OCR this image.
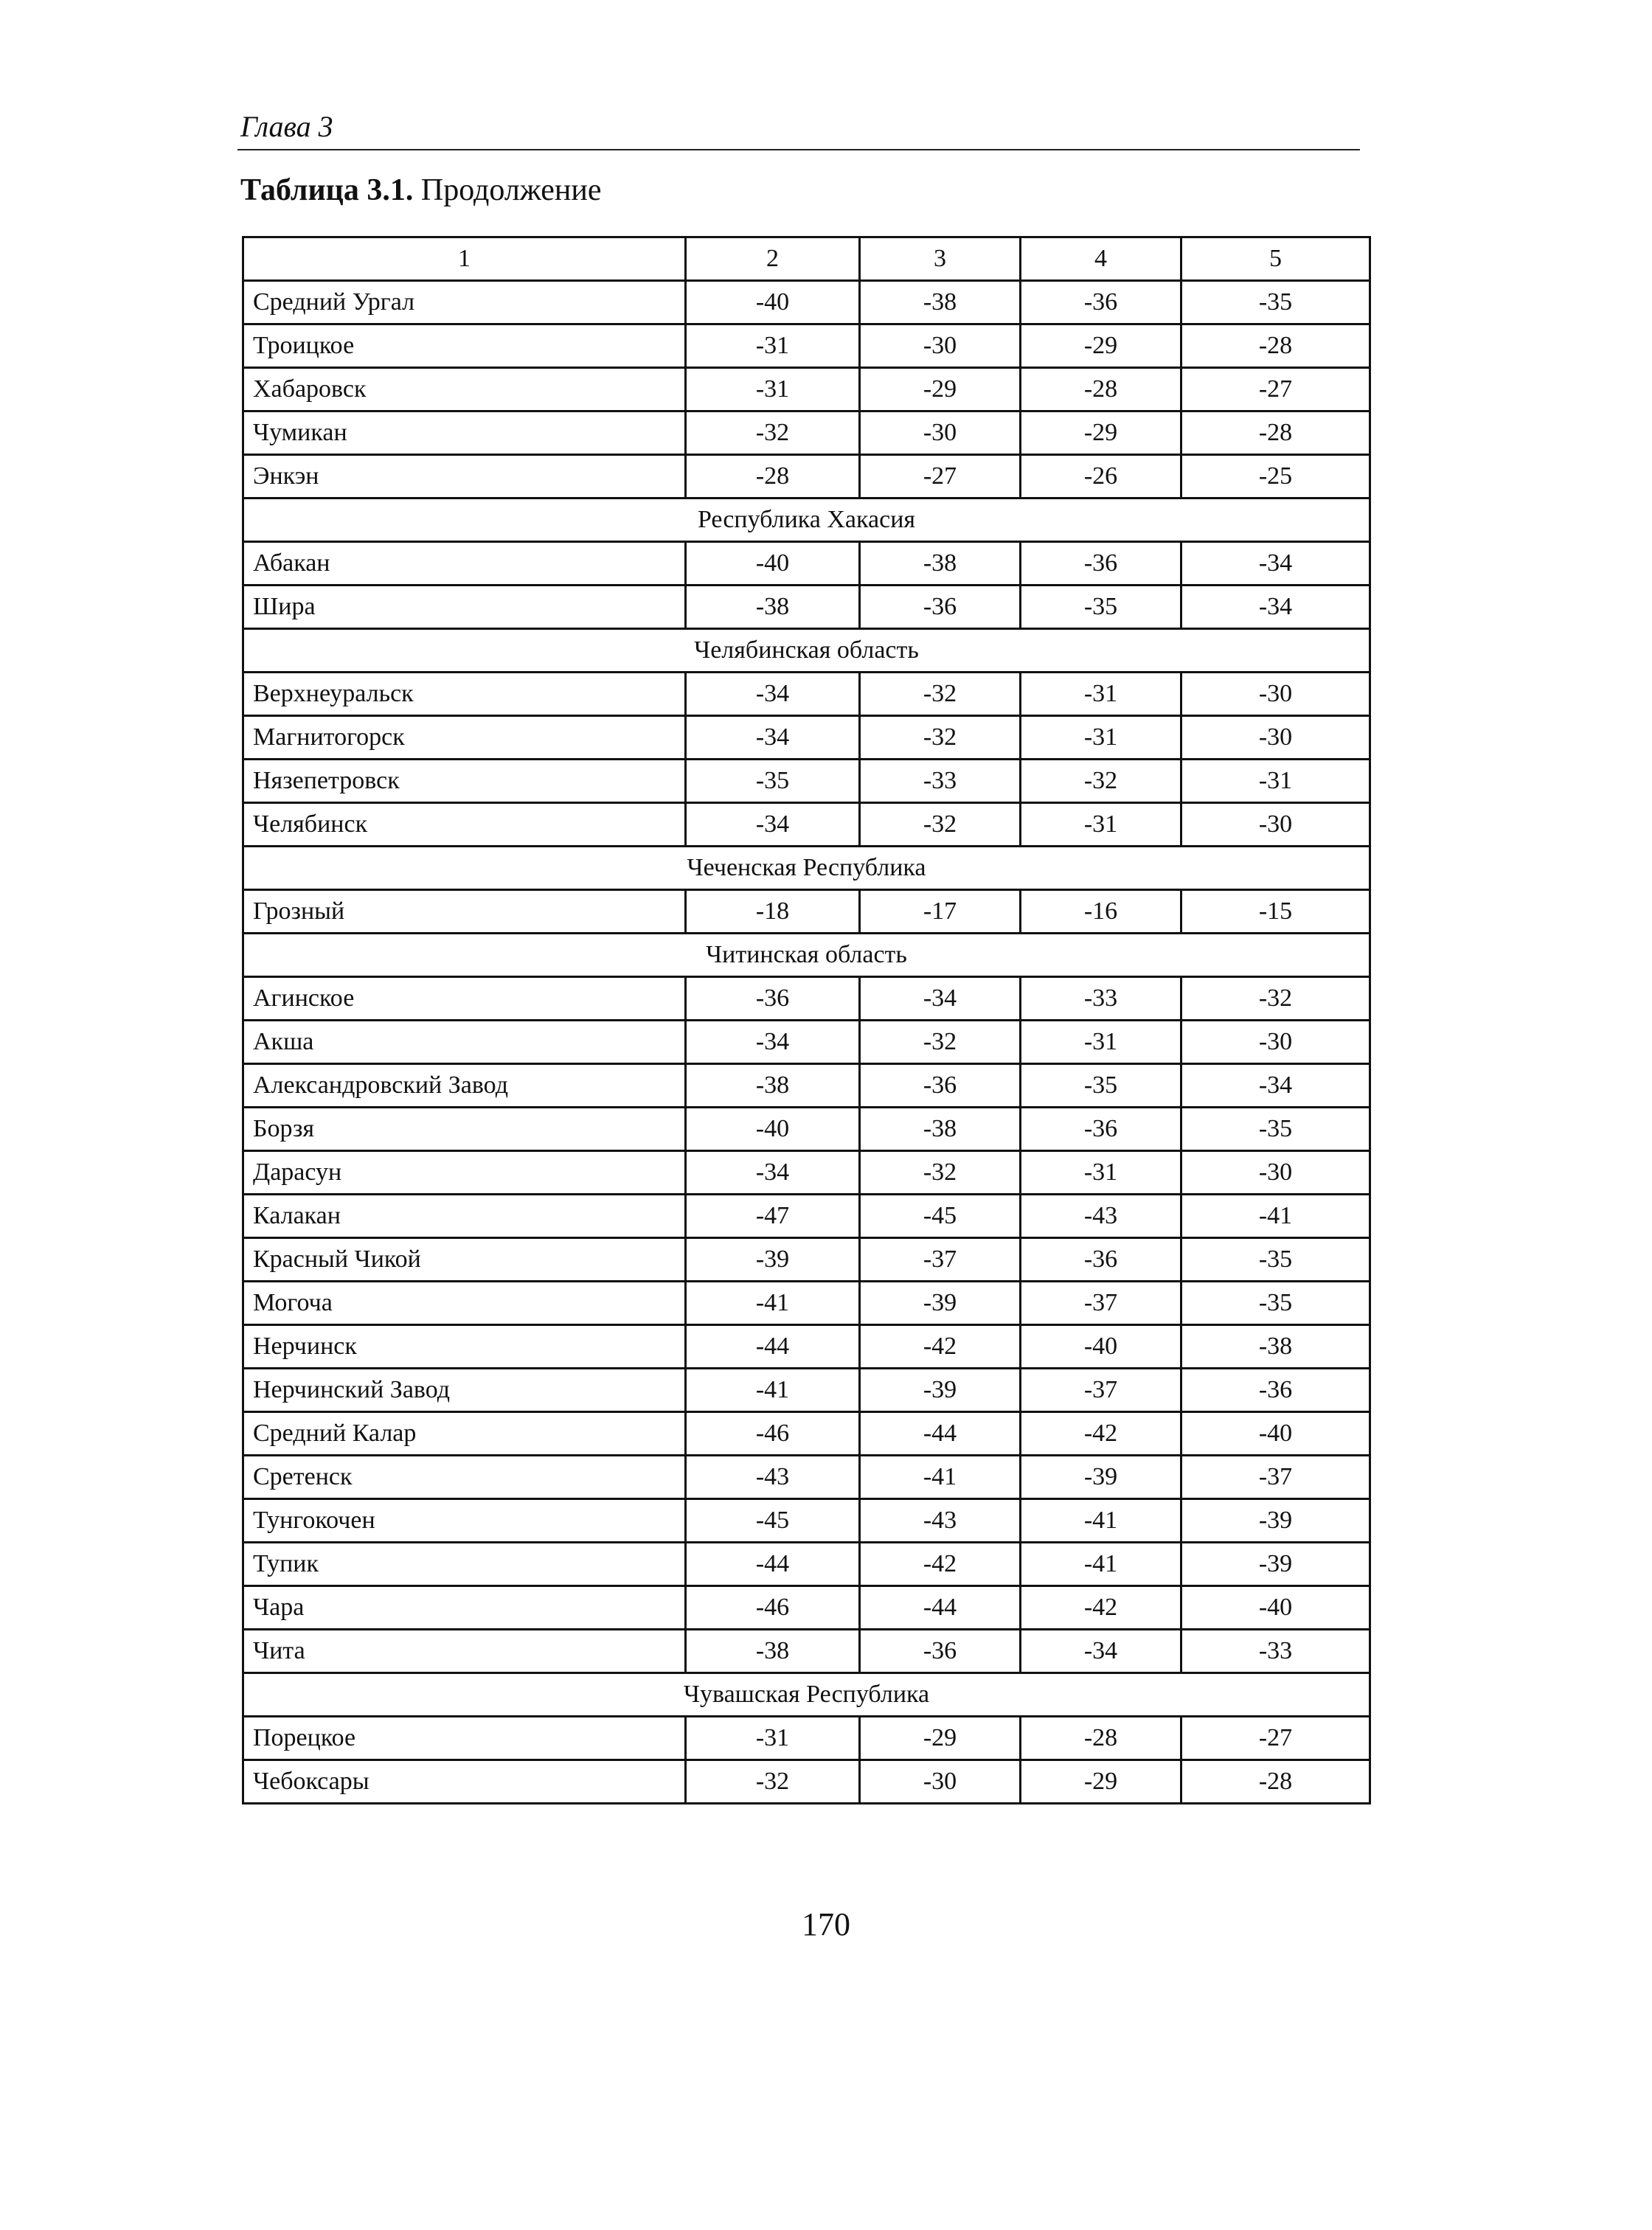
Глава 3
Таблица 3.1. Продолжение
1	2	3	4	5
Средний Ургал	-40	-38	-36	-35
Троицкое	-31	-30	-29	-28
Хабаровск	-31	-29	-28	-27
Чумикан	-32	-30	-29	-28
Энкэн	-28	-27	-26	-25
Республика Хакасия				
Абакан	-40	-38	-36	-34
Шира	-38	-36	-35	-34
Челябинская область				
Верхнеуральск	-34	-32	-31	-30
Магнитогорск	-34	-32	-31	-30
Нязепетровск	-35	-33	-32	-31
Челябинск	-34	-32	-31	-30
Чеченская Республика				
Грозный	-18	-17	-16	-15
Читинская область				
Агинское	-36	-34	-33	-32
Акша	-34	-32	-31	-30
Александровский Завод	-38	-36	-35	-34
Борзя	-40	-38	-36	-35
Дарасун	-34	-32	-31	-30
Калакан	-47	-45	-43	-41
Красный Чикой	-39	-37	-36	-35
Могоча	-41	-39	-37	-35
Нерчинск	-44	-42	-40	-38
Нерчинский Завод	-41	-39	-37	-36
Средний Калар	-46	-44	-42	-40
Сретенск	-43	-41	-39	-37
Тунгокочен	-45	-43	-41	-39
Тупик	-44	-42	-41	-39
Чара	-46	-44	-42	-40
Чита	-38	-36	-34	-33
Чувашская Республика				
Порецкое	-31	-29	-28	-27
Чебоксары	-32	-30	-29	-28
170
